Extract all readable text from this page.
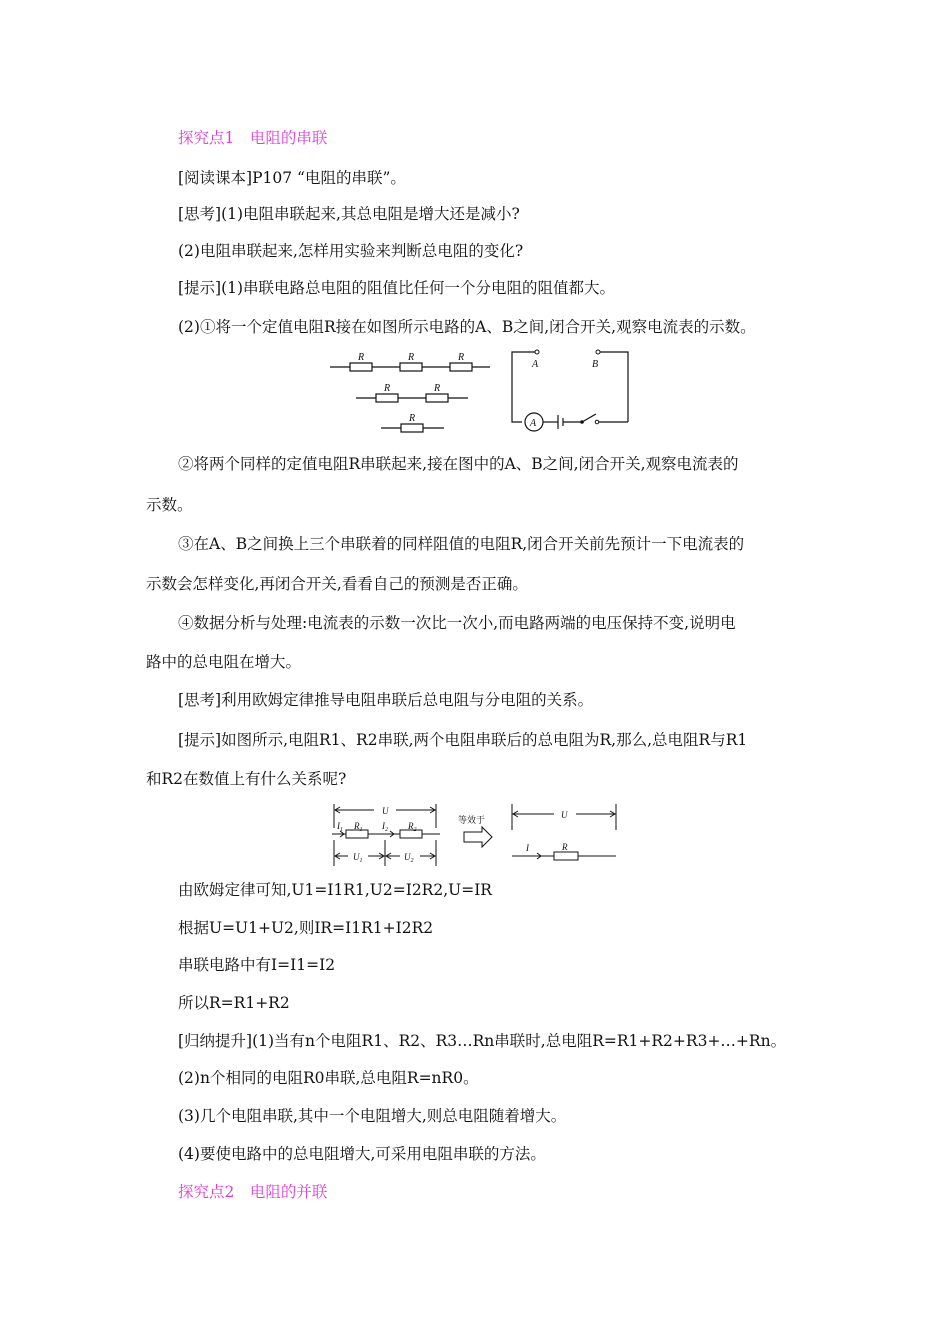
探究点1　电阻的串联
[阅读课本]P107 “电阻的串联”。
[思考](1)电阻串联起来,其总电阻是增大还是减小?
(2)电阻串联起来,怎样用实验来判断总电阻的变化?
[提示](1)串联电路总电阻的阻值比任何一个分电阻的阻值都大。
(2)①将一个定值电阻R接在如图所示电路的A、B之间,闭合开关,观察电流表的示数。
R	R	R
R	R
R
A	B
A
②将两个同样的定值电阻R串联起来,接在图中的A、B之间,闭合开关,观察电流表的
示数。
③在A、B之间换上三个串联着的同样阻值的电阻R,闭合开关前先预计一下电流表的
示数会怎样变化,再闭合开关,看看自己的预测是否正确。
④数据分析与处理:电流表的示数一次比一次小,而电路两端的电压保持不变,说明电
路中的总电阻在增大。
[思考]利用欧姆定律推导电阻串联后总电阻与分电阻的关系。
[提示]如图所示,电阻R1、R2串联,两个电阻串联后的总电阻为R,那么,总电阻R与R1
和R2在数值上有什么关系呢?
U
$I_1$ $R_1$ $I_2$ $R_2$
$U_1$	$U_2$
等效于
U
I	R
由欧姆定律可知,U1=I1R1,U2=I2R2,U=IR
根据U=U1+U2,则IR=I1R1+I2R2
串联电路中有I=I1=I2
所以R=R1+R2
[归纳提升](1)当有n个电阻R1、R2、R3…Rn串联时,总电阻R=R1+R2+R3+…+Rn。
(2)n个相同的电阻R0串联,总电阻R=nR0。
(3)几个电阻串联,其中一个电阻增大,则总电阻随着增大。
(4)要使电路中的总电阻增大,可采用电阻串联的方法。
探究点2　电阻的并联
